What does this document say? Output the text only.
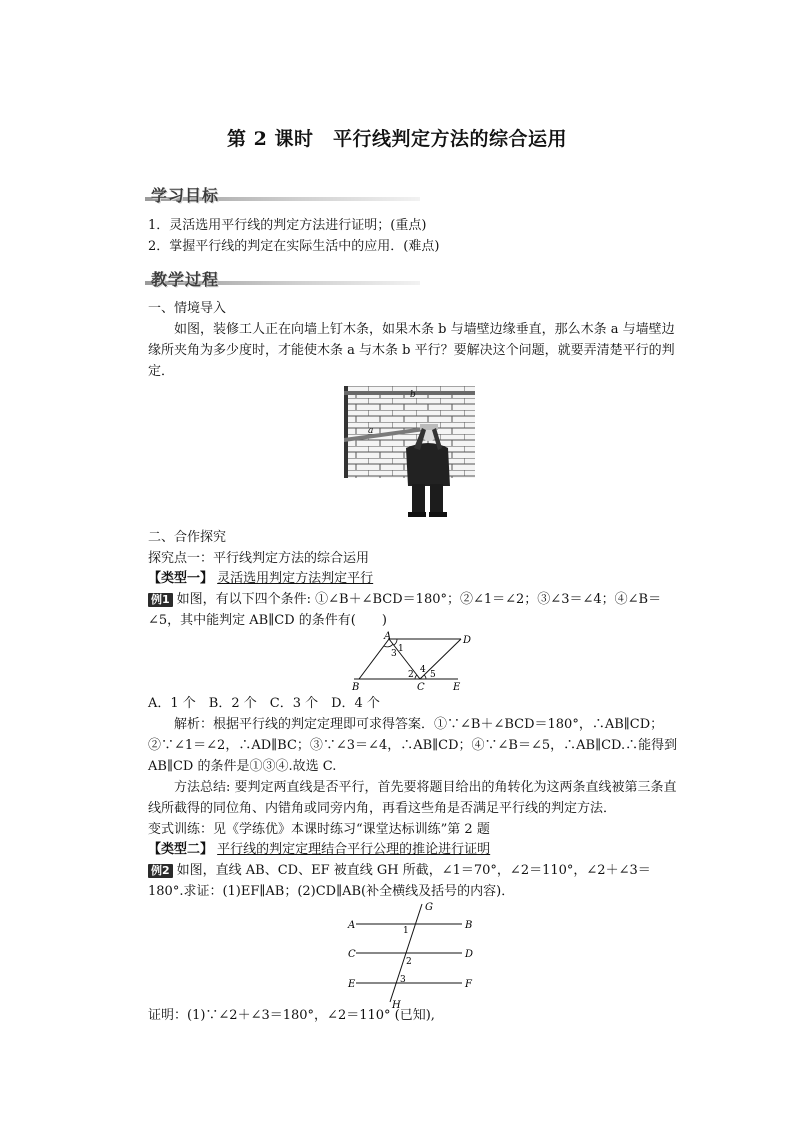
第 2 课时　平行线判定方法的综合运用
学习目标
1．灵活选用平行线的判定方法进行证明；(重点)
2．掌握平行线的判定在实际生活中的应用．(难点)
教学过程
一、情境导入
如图，装修工人正在向墙上钉木条，如果木条 b 与墙壁边缘垂直，那么木条 a 与墙壁边缘所夹角为多少度时，才能使木条 a 与木条 b 平行？要解决这个问题，就要弄清楚平行的判定．
b
a
二、合作探究
探究点一：平行线判定方法的综合运用
【类型一】 灵活选用判定方法判定平行
例1 如图，有以下四个条件: ①∠B＋∠BCD＝180°；②∠1＝∠2；③∠3＝∠4；④∠B＝∠5，其中能判定 AB∥CD 的条件有(　　)
A	D
B	C	E
1
3
2 4 5
A．1 个　B．2 个　C．3 个　D．4 个
解析：根据平行线的判定定理即可求得答案．①∵∠B＋∠BCD＝180°，∴AB∥CD；②∵∠1＝∠2，∴AD∥BC；③∵∠3＝∠4，∴AB∥CD；④∵∠B＝∠5，∴AB∥CD.∴能得到 AB∥CD 的条件是①③④.故选 C.
方法总结: 要判定两直线是否平行，首先要将题目给出的角转化为这两条直线被第三条直线所截得的同位角、内错角或同旁内角，再看这些角是否满足平行线的判定方法．
变式训练：见《学练优》本课时练习“课堂达标训练”第 2 题
【类型二】 平行线的判定定理结合平行公理的推论进行证明
例2 如图，直线 AB、CD、EF 被直线 GH 所截，∠1＝70°，∠2＝110°，∠2＋∠3＝180°.求证：(1)EF∥AB；(2)CD∥AB(补全横线及括号的内容)．
A	B
C	D
E	F
G
H
1
2
3
证明：(1)∵∠2＋∠3＝180°，∠2＝110° (已知),
